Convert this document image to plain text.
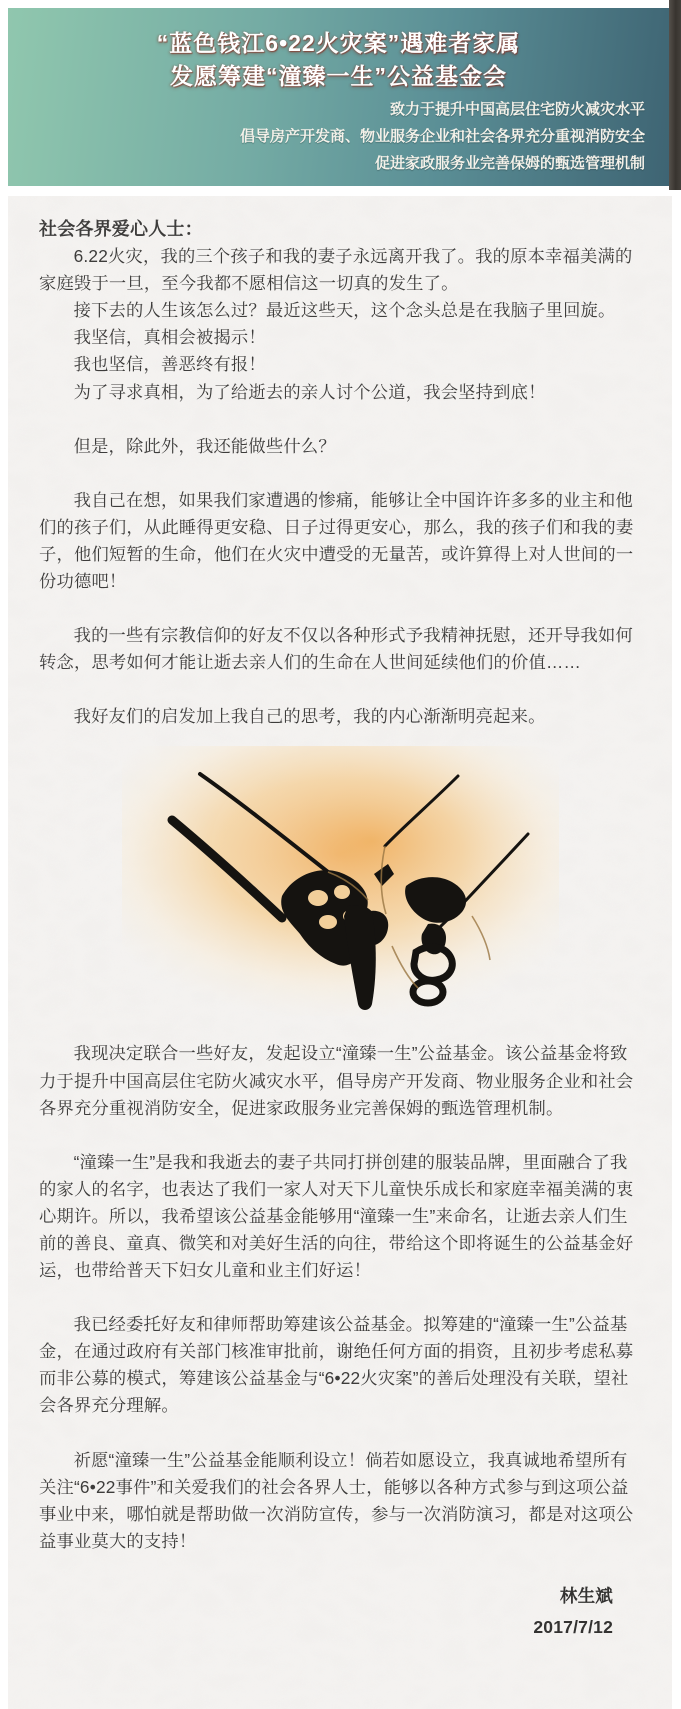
“蓝色钱江6•22火灾案”遇难者家属
发愿筹建“潼臻一生”公益基金会
致力于提升中国高层住宅防火减灾水平
倡导房产开发商、物业服务企业和社会各界充分重视消防安全
促进家政服务业完善保姆的甄选管理机制

社会各界爱心人士：

6.22火灾，我的三个孩子和我的妻子永远离开我了。我的原本幸福美满的家庭毁于一旦，至今我都不愿相信这一切真的发生了。

接下去的人生该怎么过？最近这些天，这个念头总是在我脑子里回旋。

我坚信，真相会被揭示！

我也坚信，善恶终有报！

为了寻求真相，为了给逝去的亲人讨个公道，我会坚持到底！

但是，除此外，我还能做些什么？

我自己在想，如果我们家遭遇的惨痛，能够让全中国许许多多的业主和他们的孩子们，从此睡得更安稳、日子过得更安心，那么，我的孩子们和我的妻子，他们短暂的生命，他们在火灾中遭受的无量苦，或许算得上对人世间的一份功德吧！

我的一些有宗教信仰的好友不仅以各种形式予我精神抚慰，还开导我如何转念，思考如何才能让逝去亲人们的生命在人世间延续他们的价值……

我好友们的启发加上我自己的思考，我的内心渐渐明亮起来。

我现决定联合一些好友，发起设立“潼臻一生”公益基金。该公益基金将致力于提升中国高层住宅防火减灾水平，倡导房产开发商、物业服务企业和社会各界充分重视消防安全，促进家政服务业完善保姆的甄选管理机制。

“潼臻一生”是我和我逝去的妻子共同打拼创建的服装品牌，里面融合了我的家人的名字，也表达了我们一家人对天下儿童快乐成长和家庭幸福美满的衷心期许。所以，我希望该公益基金能够用“潼臻一生”来命名，让逝去亲人们生前的善良、童真、微笑和对美好生活的向往，带给这个即将诞生的公益基金好运，也带给普天下妇女儿童和业主们好运！

我已经委托好友和律师帮助筹建该公益基金。拟筹建的“潼臻一生”公益基金，在通过政府有关部门核准审批前，谢绝任何方面的捐资，且初步考虑私募而非公募的模式，筹建该公益基金与“6•22火灾案”的善后处理没有关联，望社会各界充分理解。

祈愿“潼臻一生”公益基金能顺利设立！倘若如愿设立，我真诚地希望所有关注“6•22事件”和关爱我们的社会各界人士，能够以各种方式参与到这项公益事业中来，哪怕就是帮助做一次消防宣传，参与一次消防演习，都是对这项公益事业莫大的支持！

林生斌
2017/7/12
